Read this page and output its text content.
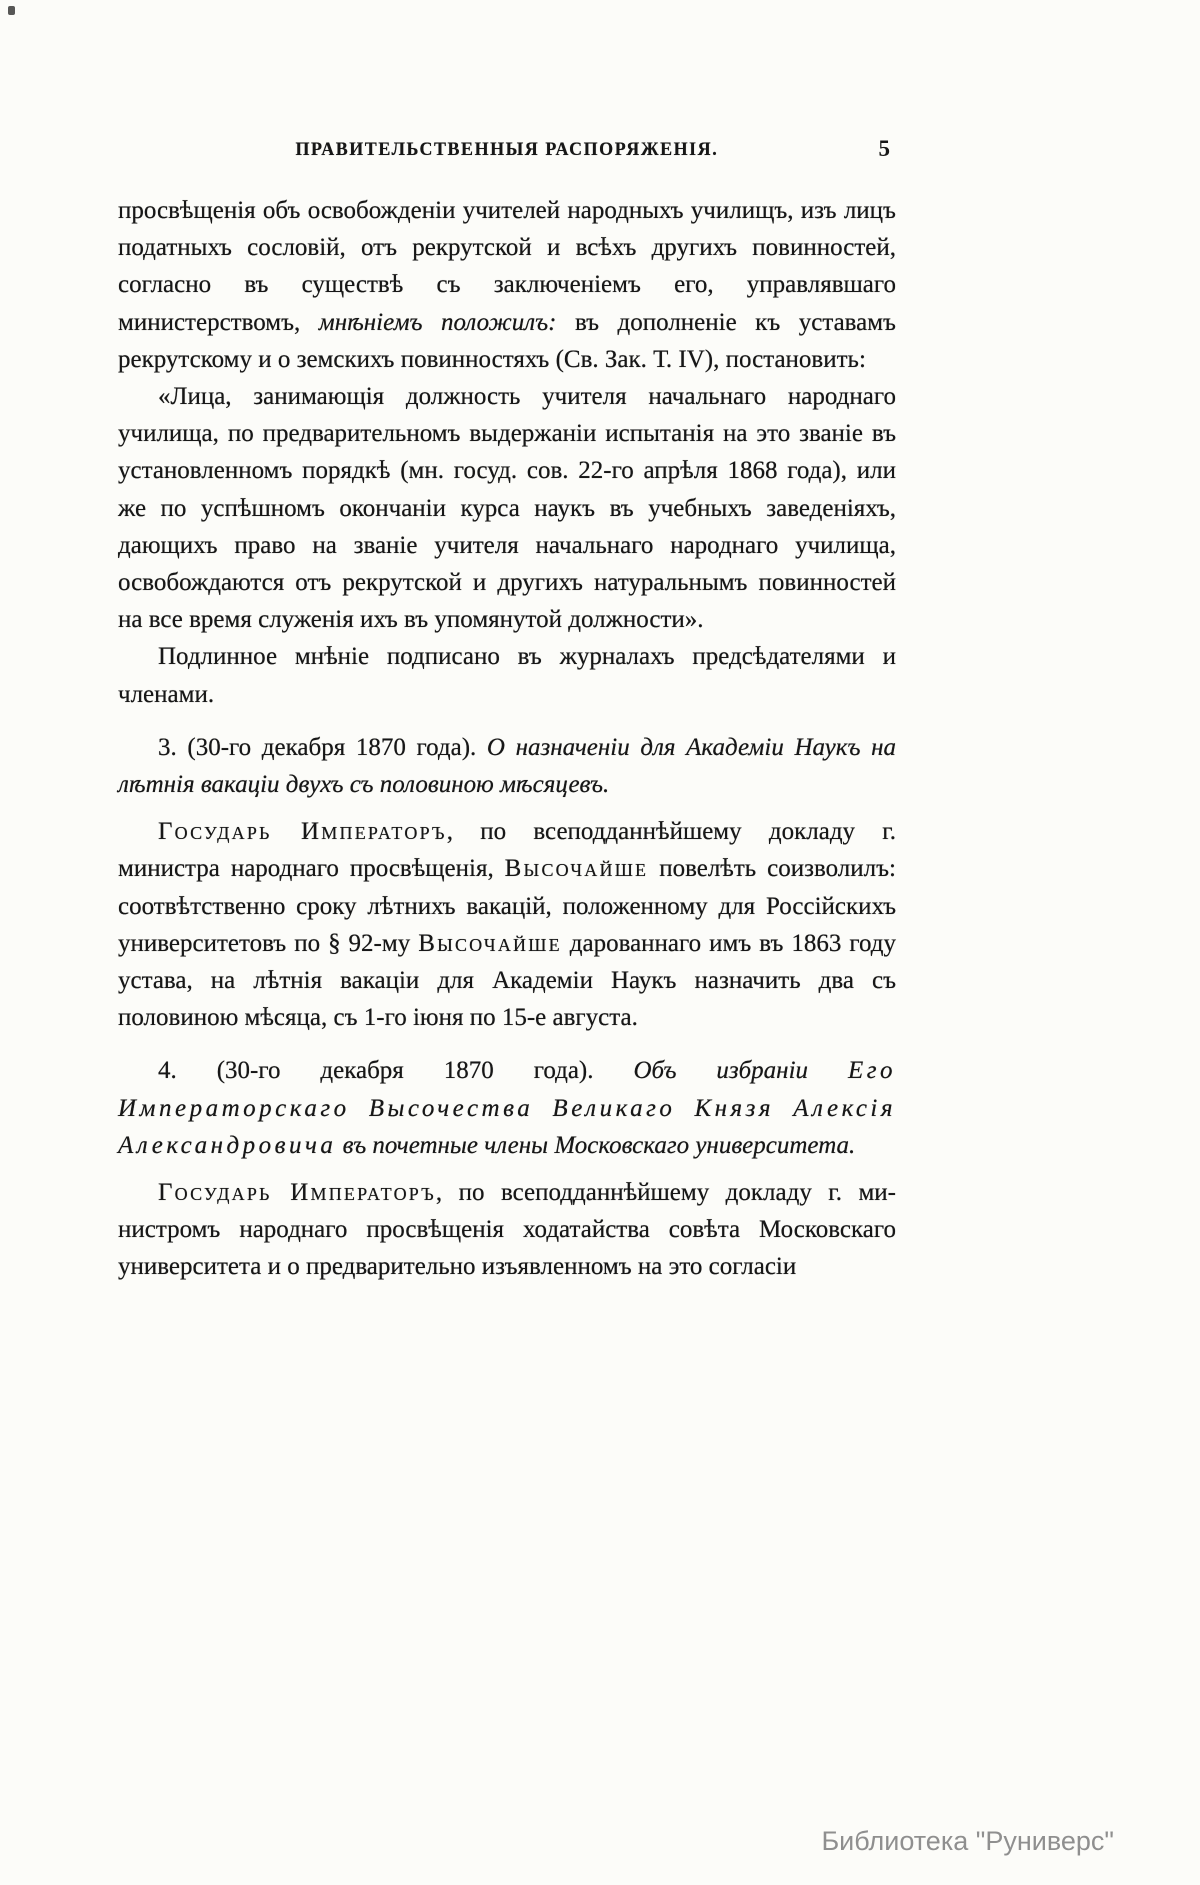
ПРАВИТЕЛЬСТВЕННЫЯ РАСПОРЯЖЕНІЯ.	5

просвѣщенія объ освобожденіи учителей народныхъ училищъ, изъ лицъ податныхъ сословій, отъ рекрутской и всѣхъ другихъ повинностей, согласно въ существѣ съ заключеніемъ его, управлявшаго министерствомъ, мнѣніемъ положилъ: въ дополненіе къ уставамъ рекрутскому и о земскихъ повинностяхъ (Св. Зак. Т. IV), постановить:

«Лица, занимающія должность учителя начальнаго народнаго училища, по предварительномъ выдержаніи испытанія на это званіе въ установленномъ порядкѣ (мн. госуд. сов. 22-го апрѣля 1868 года), или же по успѣшномъ окончаніи курса наукъ въ учебныхъ заведеніяхъ, дающихъ право на званіе учителя начальнаго народнаго училища, освобождаются отъ рекрутской и другихъ натуральнымъ повинностей на все время служенія ихъ въ упомянутой должности».

Подлинное мнѣніе подписано въ журналахъ предсѣдателями и членами.

3. (30-го декабря 1870 года). О назначеніи для Академіи Наукъ на лѣтнія вакаціи двухъ съ половиною мѣсяцевъ.

Государь Императоръ, по всеподданнѣйшему докладу г. министра народнаго просвѣщенія, Высочайше повелѣть соизволилъ: соотвѣтственно сроку лѣтнихъ вакацій, положенному для Россійскихъ университетовъ по § 92-му Высочайше дарованнаго имъ въ 1863 году устава, на лѣтнія вакаціи для Академіи Наукъ назначить два съ половиною мѣсяца, съ 1-го іюня по 15-е августа.

4. (30-го декабря 1870 года). Объ избраніи Его Императорскаго Высочества Великаго Князя Алексія Александровича въ почетные члены Московскаго университета.

Государь Императоръ, по всеподданнѣйшему докладу г. министромъ народнаго просвѣщенія ходатайства совѣта Московскаго университета и о предварительно изъявленномъ на это согласіи

Библиотека "Руниверс"
